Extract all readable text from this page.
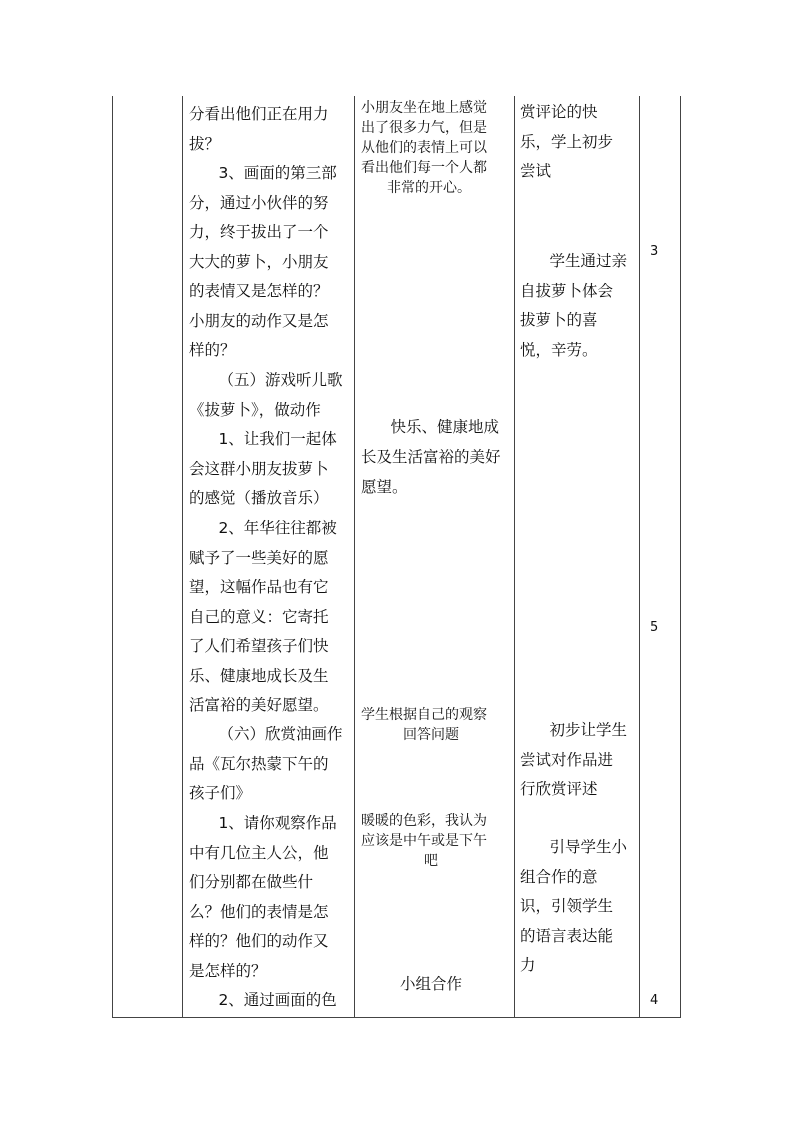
分看出他们正在用力

拔？

3、画面的第三部

分，通过小伙伴的努

力，终于拔出了一个

大大的萝卜，小朋友

的表情又是怎样的？

小朋友的动作又是怎

样的？

（五）游戏听儿歌

《拔萝卜》，做动作

1、让我们一起体

会这群小朋友拔萝卜

的感觉（播放音乐）

2、年华往往都被

赋予了一些美好的愿

望，这幅作品也有它

自己的意义：它寄托

了人们希望孩子们快

乐、健康地成长及生

活富裕的美好愿望。

（六）欣赏油画作

品《瓦尔热蒙下午的

孩子们》

1、请你观察作品

中有几位主人公，他

们分别都在做些什

么？他们的表情是怎

样的？他们的动作又

是怎样的？

2、通过画面的色

小朋友坐在地上感觉

出了很多力气，但是

从他们的表情上可以

看出他们每一个人都

非常的开心。

快乐、健康地成

长及生活富裕的美好

愿望。

学生根据自己的观察

回答问题

暖暖的色彩，我认为

应该是中午或是下午

吧

小组合作

赏评论的快

乐，学上初步

尝试

学生通过亲

自拔萝卜体会

拔萝卜的喜

悦，辛劳。

初步让学生

尝试对作品进

行欣赏评述

引导学生小

组合作的意

识，引领学生

的语言表达能

力

3
5
4
